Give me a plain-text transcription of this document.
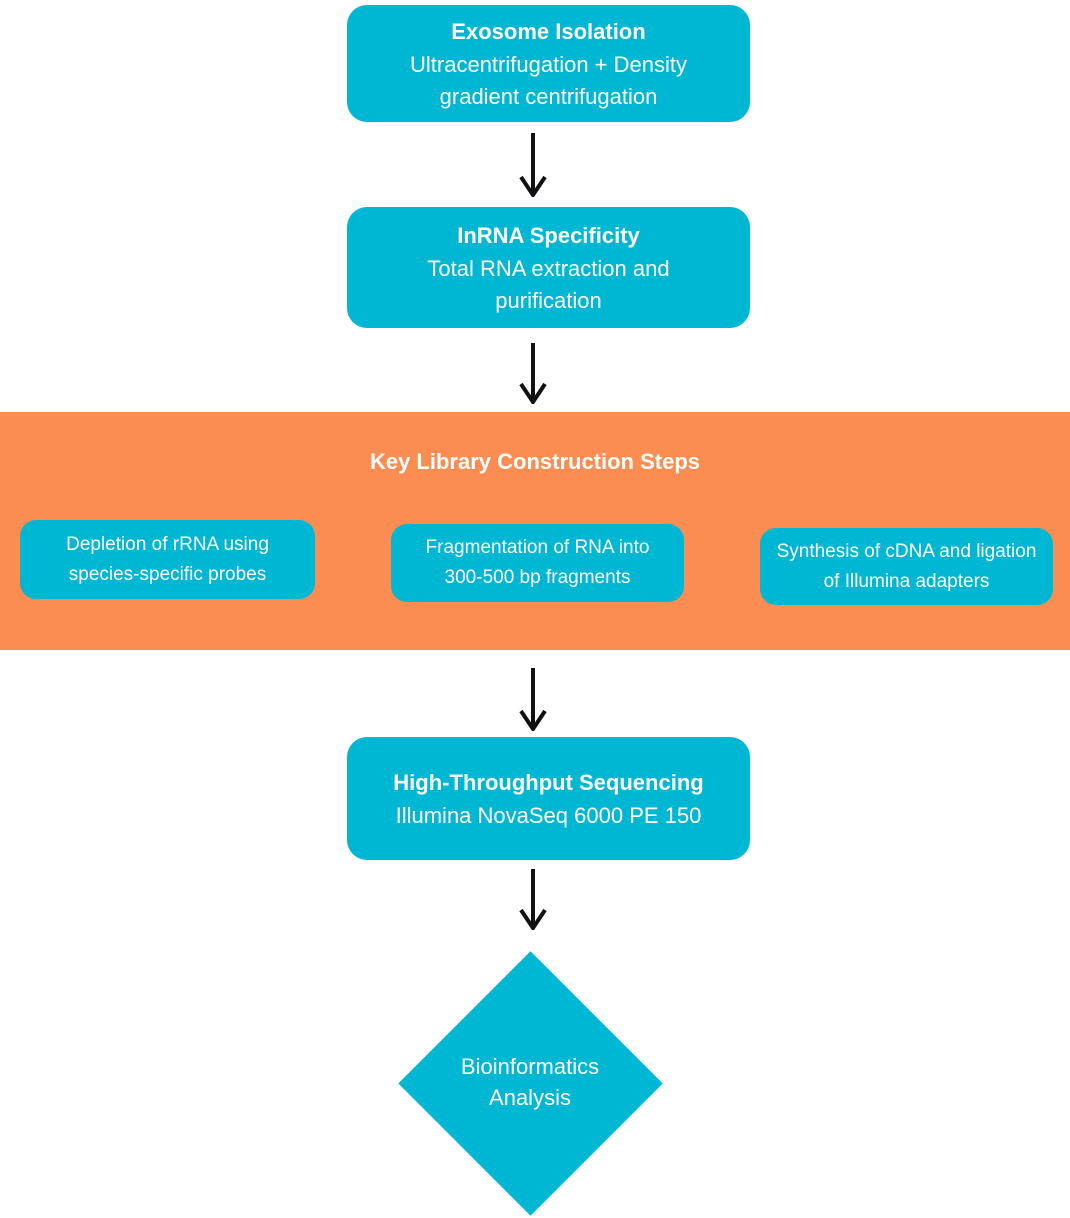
Exosome Isolation
Ultracentrifugation + Density gradient centrifugation
InRNA Specificity
Total RNA extraction and purification
Key Library Construction Steps
Depletion of rRNA using species-specific probes
Fragmentation of RNA into 300-500 bp fragments
Synthesis of cDNA and ligation of Illumina adapters
High-Throughput Sequencing
Illumina NovaSeq 6000 PE 150
Bioinformatics
Analysis
